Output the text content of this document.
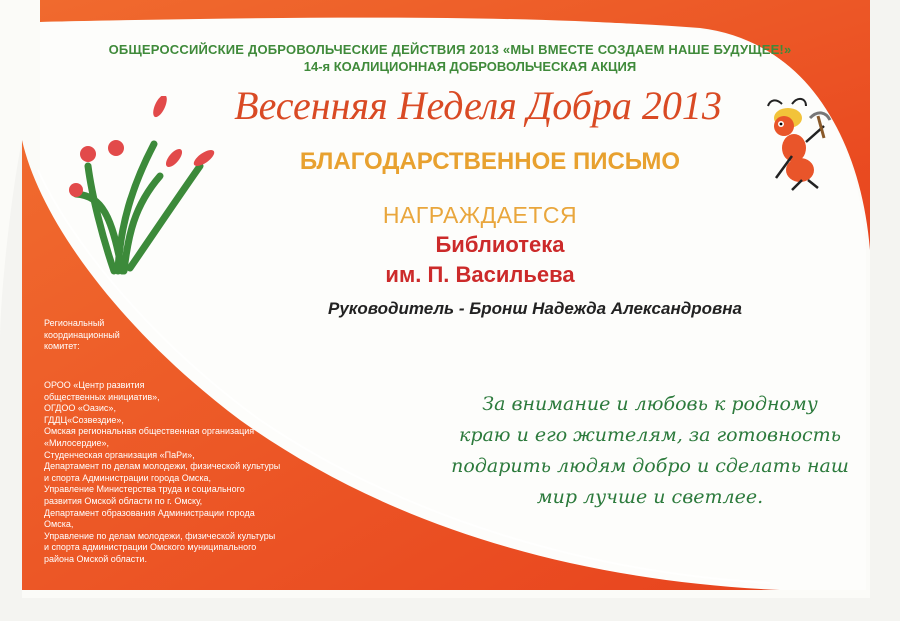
ОБЩЕРОССИЙСКИЕ ДОБРОВОЛЬЧЕСКИЕ ДЕЙСТВИЯ 2013 «МЫ ВМЕСТЕ СОЗДАЕМ НАШЕ БУДУЩЕЕ!»
14-я КОАЛИЦИОННАЯ ДОБРОВОЛЬЧЕСКАЯ АКЦИЯ
Весенняя Неделя Добра 2013
БЛАГОДАРСТВЕННОЕ ПИСЬМО
НАГРАЖДАЕТСЯ
Библиотека
им. П. Васильева
Руководитель - Бронш Надежда Александровна
Региональный координационный комитет:
ОРОО «Центр развития
общественных инициатив»,
ОГДОО «Оазис»,
ГДДЦ«Созвездие»,
Омская региональная общественная организация
«Милосердие»,
Студенческая организация «ПаРи»,
Департамент по делам молодежи, физической культуры
и спорта Администрации города Омска,
Управление Министерства труда и социального
развития Омской области по г. Омску,
Департамент образования Администрации города
Омска,
Управление по делам молодежи, физической культуры
и спорта администрации Омского муниципального
района Омской области.
За внимание и любовь к родному
краю и его жителям, за готовность
подарить людям добро и сделать наш
мир лучше и светлее.
